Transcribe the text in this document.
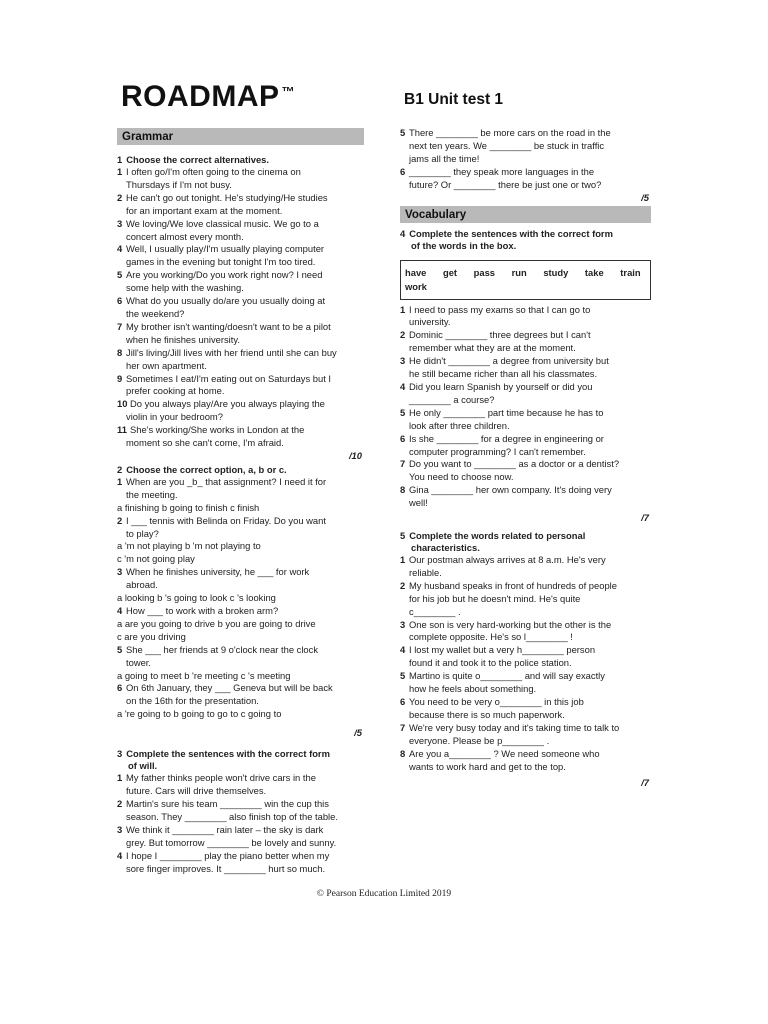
ROADMAP ™	B1 Unit test 1
Grammar
1 Choose the correct alternatives.
1 I often go/I'm often going to the cinema on
Thursdays if I'm not busy.
2 He can't go out tonight. He's studying/He studies
for an important exam at the moment.
3 We loving/We love classical music. We go to a
concert almost every month.
4 Well, I usually play/I'm usually playing computer
games in the evening but tonight I'm too tired.
5 Are you working/Do you work right now? I need
some help with the washing.
6 What do you usually do/are you usually doing at
the weekend?
7 My brother isn't wanting/doesn't want to be a pilot
when he finishes university.
8 Jill's living/Jill lives with her friend until she can buy
her own apartment.
9 Sometimes I eat/I'm eating out on Saturdays but I
prefer cooking at home.
10 Do you always play/Are you always playing the
violin in your bedroom?
11 She's working/She works in London at the
moment so she can't come, I'm afraid.
/10
2 Choose the correct option, a, b or c.
1 When are you _b_ that assignment? I need it for
the meeting.
a finishing b going to finish c finish
2 I ___ tennis with Belinda on Friday. Do you want
to play?
a 'm not playing b 'm not playing to
c 'm not going play
3 When he finishes university, he ___ for work
abroad.
a looking b 's going to look c 's looking
4 How ___ to work with a broken arm?
a are you going to drive b you are going to drive
c are you driving
5 She ___ her friends at 9 o'clock near the clock
tower.
a going to meet b 're meeting c 's meeting
6 On 6th January, they ___ Geneva but will be back
on the 16th for the presentation.
a 're going to b going to go to c going to
/5
3 Complete the sentences with the correct form
of will.
1 My father thinks people won't drive cars in the
future. Cars will drive themselves.
2 Martin's sure his team ________ win the cup this
season. They ________ also finish top of the table.
3 We think it ________ rain later – the sky is dark
grey. But tomorrow ________ be lovely and sunny.
4 I hope I ________ play the piano better when my
sore finger improves. It ________ hurt so much.
5 There ________ be more cars on the road in the
next ten years. We ________ be stuck in traffic
jams all the time!
6 ________ they speak more languages in the
future? Or ________ there be just one or two?
/5
Vocabulary
4 Complete the sentences with the correct form
of the words in the box.
have get pass run study take train
work
1 I need to pass my exams so that I can go to
university.
2 Dominic ________ three degrees but I can't
remember what they are at the moment.
3 He didn't ________ a degree from university but
he still became richer than all his classmates.
4 Did you learn Spanish by yourself or did you
________ a course?
5 He only ________ part time because he has to
look after three children.
6 Is she ________ for a degree in engineering or
computer programming? I can't remember.
7 Do you want to ________ as a doctor or a dentist?
You need to choose now.
8 Gina ________ her own company. It's doing very
well!
/7
5 Complete the words related to personal
characteristics.
1 Our postman always arrives at 8 a.m. He's very
reliable.
2 My husband speaks in front of hundreds of people
for his job but he doesn't mind. He's quite
c________ .
3 One son is very hard-working but the other is the
complete opposite. He's so l________ !
4 I lost my wallet but a very h________ person
found it and took it to the police station.
5 Martino is quite o________ and will say exactly
how he feels about something.
6 You need to be very o________ in this job
because there is so much paperwork.
7 We're very busy today and it's taking time to talk to
everyone. Please be p________ .
8 Are you a________ ? We need someone who
wants to work hard and get to the top.
/7
© Pearson Education Limited 2019
